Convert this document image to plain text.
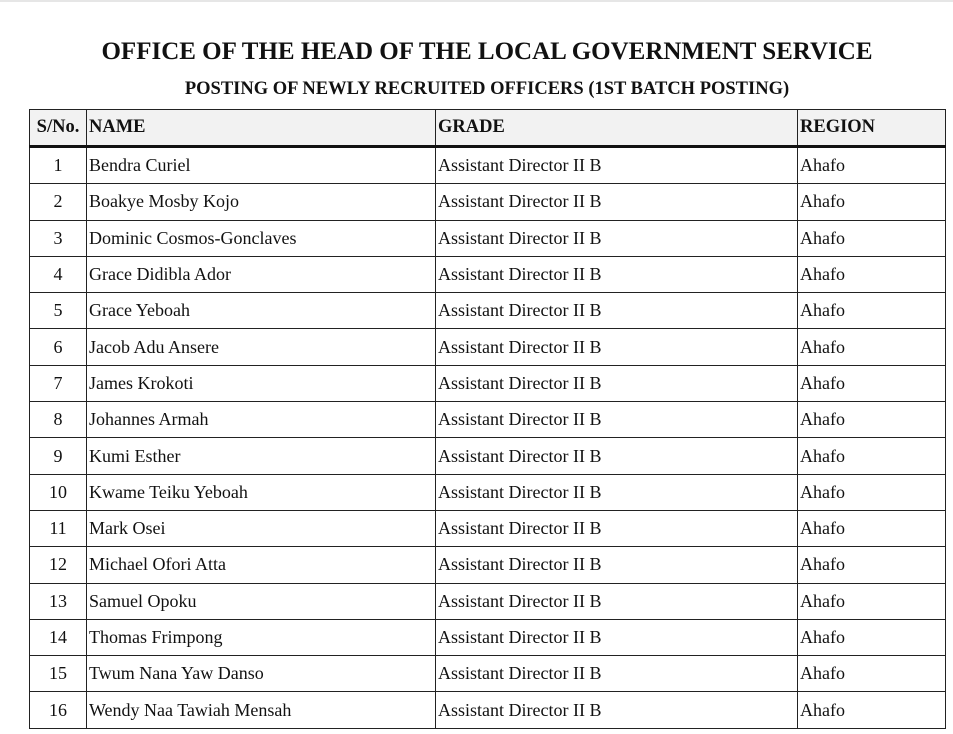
OFFICE OF THE HEAD OF THE LOCAL GOVERNMENT SERVICE
POSTING OF NEWLY RECRUITED OFFICERS (1ST BATCH POSTING)
S/No.	NAME	GRADE	REGION
1	Bendra Curiel	Assistant Director II B	Ahafo
2	Boakye Mosby Kojo	Assistant Director II B	Ahafo
3	Dominic Cosmos-Gonclaves	Assistant Director II B	Ahafo
4	Grace Didibla Ador	Assistant Director II B	Ahafo
5	Grace Yeboah	Assistant Director II B	Ahafo
6	Jacob Adu Ansere	Assistant Director II B	Ahafo
7	James Krokoti	Assistant Director II B	Ahafo
8	Johannes Armah	Assistant Director II B	Ahafo
9	Kumi Esther	Assistant Director II B	Ahafo
10	Kwame Teiku Yeboah	Assistant Director II B	Ahafo
11	Mark Osei	Assistant Director II B	Ahafo
12	Michael Ofori Atta	Assistant Director II B	Ahafo
13	Samuel Opoku	Assistant Director II B	Ahafo
14	Thomas Frimpong	Assistant Director II B	Ahafo
15	Twum Nana Yaw Danso	Assistant Director II B	Ahafo
16	Wendy Naa Tawiah Mensah	Assistant Director II B	Ahafo
